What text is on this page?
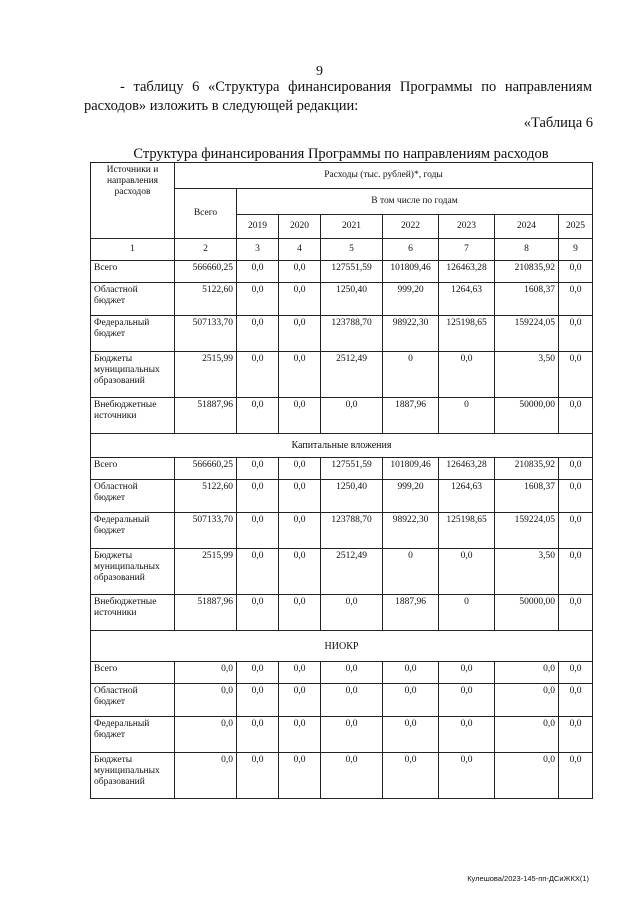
9
- таблицу 6 «Структура финансирования Программы по направлениям расходов» изложить в следующей редакции:
«Таблица 6
Структура финансирования Программы по направлениям расходов
Источники и направления расходов	Расходы (тыс. рублей)*, годы							
	Всего	В том числе по годам						
		2019	2020	2021	2022	2023	2024	2025
1	2	3	4	5	6	7	8	9
Всего	566660,25	0,0	0,0	127551,59	101809,46	126463,28	210835,92	0,0
Областной бюджет	5122,60	0,0	0,0	1250,40	999,20	1264,63	1608,37	0,0
Федеральный бюджет	507133,70	0,0	0,0	123788,70	98922,30	125198,65	159224,05	0,0
Бюджеты муниципальных образований	2515,99	0,0	0,0	2512,49	0	0,0	3,50	0,0
Внебюджетные источники	51887,96	0,0	0,0	0,0	1887,96	0	50000,00	0,0
Капитальные вложения								
Всего	566660,25	0,0	0,0	127551,59	101809,46	126463,28	210835,92	0,0
Областной бюджет	5122,60	0,0	0,0	1250,40	999,20	1264,63	1608,37	0,0
Федеральный бюджет	507133,70	0,0	0,0	123788,70	98922,30	125198,65	159224,05	0,0
Бюджеты муниципальных образований	2515,99	0,0	0,0	2512,49	0	0,0	3,50	0,0
Внебюджетные источники	51887,96	0,0	0,0	0,0	1887,96	0	50000,00	0,0
НИОКР								
Всего	0,0	0,0	0,0	0,0	0,0	0,0	0,0	0,0
Областной бюджет	0,0	0,0	0,0	0,0	0,0	0,0	0,0	0,0
Федеральный бюджет	0,0	0,0	0,0	0,0	0,0	0,0	0,0	0,0
Бюджеты муниципальных образований	0,0	0,0	0,0	0,0	0,0	0,0	0,0	0,0
Кулешова/2023-145-пп-ДСиЖКХ(1)
